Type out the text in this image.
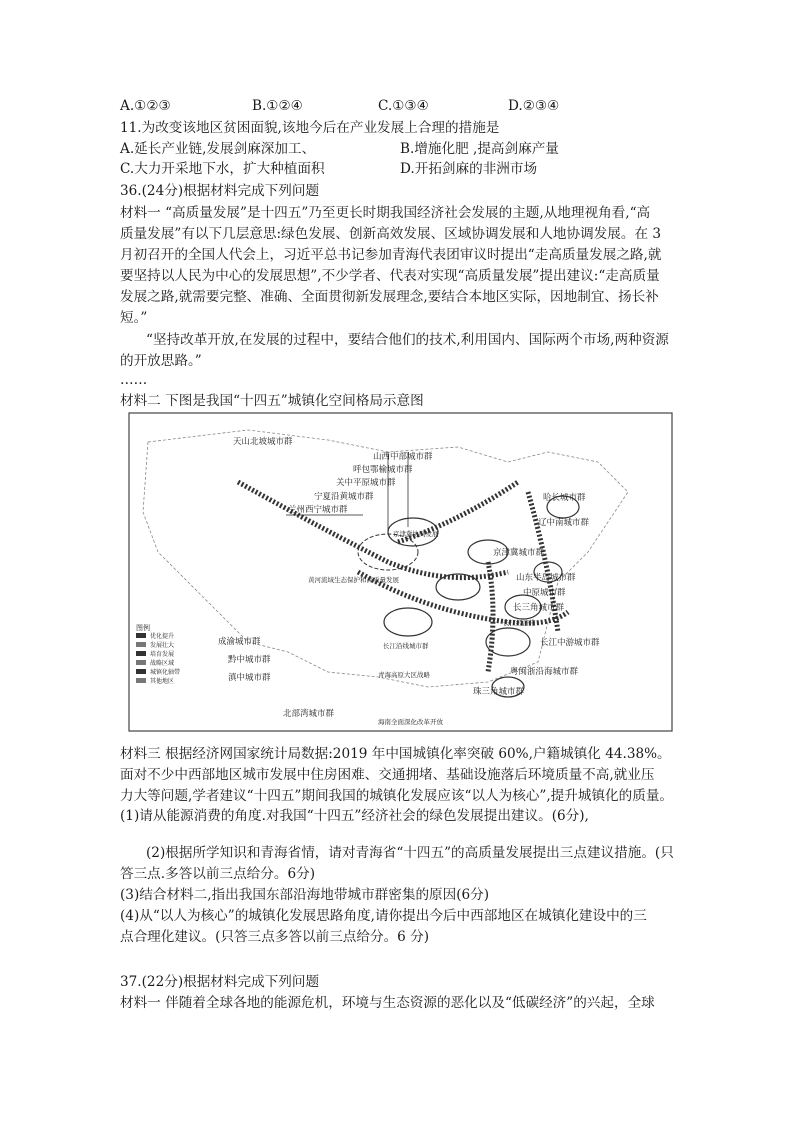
A.①②③	B.①②④	C.①③④	D.②③④
11.为改变该地区贫困面貌,该地今后在产业发展上合理的措施是
A.延长产业链,发展剑麻深加工、	B.增施化肥 ,提高剑麻产量
C.大力开采地下水，扩大种植面积	D.开拓剑麻的非洲市场
36.(24分)根据材料完成下列问题
材料一 “高质量发展”是十四五”乃至更长时期我国经济社会发展的主题,从地理视角看,“高
质量发展”有以下几层意思:绿色发展、创新高效发展、区域协调发展和人地协调发展。在 3
月初召开的全国人代会上，习近平总书记参加青海代表团审议时提出“走高质量发展之路,就
要坚持以人民为中心的发展思想”,不少学者、代表对实现“高质量发展”提出建议:“走高质量
发展之路,就需要完整、准确、全面贯彻新发展理念,要结合本地区实际，因地制宜、扬长补
短。”
“坚持改革开放,在发展的过程中，要结合他们的技术,利用国内、国际两个市场,两种资源
的开放思路。”
……
材料二 下图是我国“十四五”城镇化空间格局示意图
天山北坡城市群
山西中部城市群
呼包鄂榆城市群
关中平原城市群
宁夏沿黄城市群
兰州西宁城市群
京津冀协同发展
哈长城市群
辽中南城市群
京津冀城市群
山东半岛城市群
中原城市群
长三角城市群
长江经济带
长江中游城市群
粤闽浙沿海城市群
珠三角城市群
成渝城市群
黔中城市群
滇中城市群
北部湾城市群
海南全面深化改革开放
青海高原大区战略
长江沿线城市群
黄河流域生态保护和高质量发展
图例
优化提升
发展壮大
培育发展
战略区域
城镇化轴带
其他地区
材料三 根据经济网国家统计局数据:2019 年中国城镇化率突破 60%,户籍城镇化 44.38%。
面对不少中西部地区城市发展中住房困难、交通拥堵、基础设施落后环境质量不高,就业压
力大等问题,学者建议“十四五”期间我国的城镇化发展应该“以人为核心”,提升城镇化的质量。
(1)请从能源消费的角度.对我国“十四五”经济社会的绿色发展提出建议。(6分),
(2)根据所学知识和青海省情，请对青海省“十四五”的高质量发展提出三点建议措施。(只
答三点.多答以前三点给分。6分)
(3)结合材料二,指出我国东部沿海地带城市群密集的原因(6分)
(4)从“以人为核心”的城镇化发展思路角度,请你提出今后中西部地区在城镇化建设中的三
点合理化建议。(只答三点多答以前三点给分。6 分)
37.(22分)根据材料完成下列问题
材料一 伴随着全球各地的能源危机，环境与生态资源的恶化以及“低碳经济”的兴起，全球
